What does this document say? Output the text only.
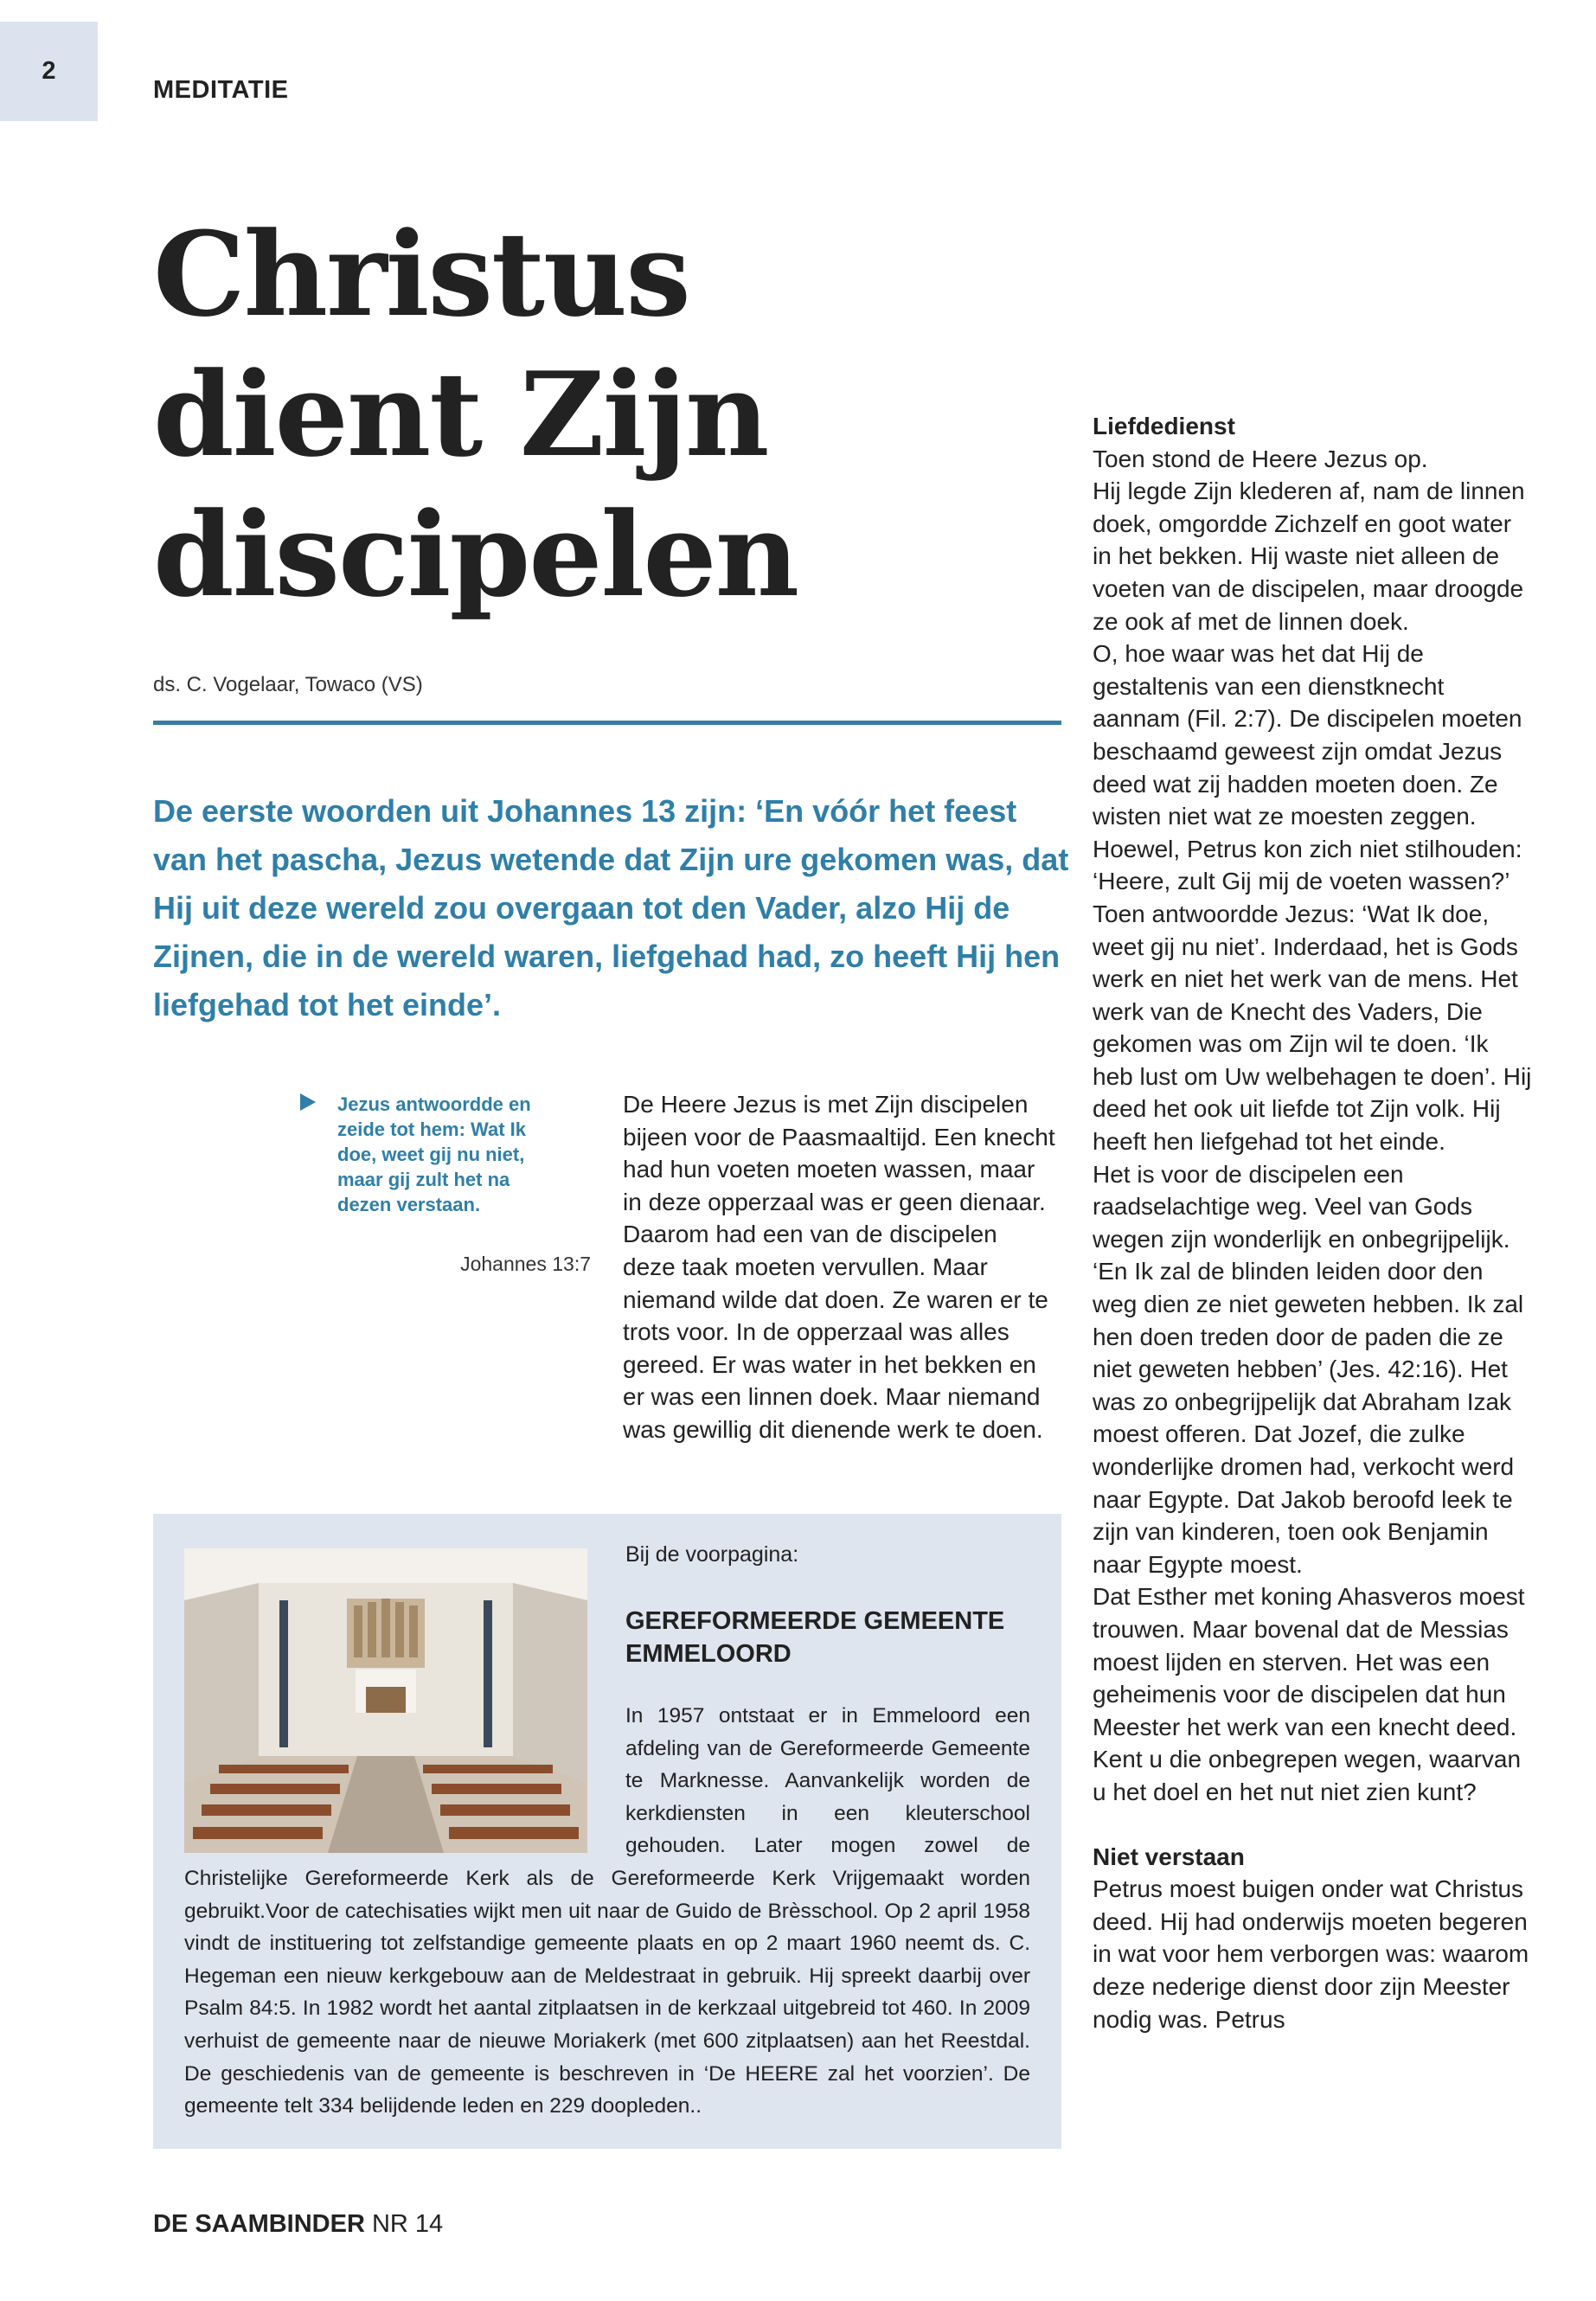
2
MEDITATIE
Christus
dient Zijn
discipelen
ds. C. Vogelaar, Towaco (VS)

De eerste woorden uit Johannes 13 zijn: ‘En vóór het feest van het pascha, Jezus wetende dat Zijn ure gekomen was, dat Hij uit deze wereld zou overgaan tot den Vader, alzo Hij de Zijnen, die in de wereld waren, liefgehad had, zo heeft Hij hen liefgehad tot het einde’.

Jezus antwoordde en zeide tot hem: Wat Ik doe, weet gij nu niet, maar gij zult het na dezen verstaan.
Johannes 13:7
De Heere Jezus is met Zijn discipelen bijeen voor de Paasmaaltijd. Een knecht had hun voeten moeten wassen, maar in deze opperzaal was er geen dienaar. Daarom had een van de discipelen deze taak moeten vervullen. Maar niemand wilde dat doen. Ze waren er te trots voor. In de opperzaal was alles gereed. Er was water in het bekken en er was een linnen doek. Maar niemand was gewillig dit dienende werk te doen.

Liefdedienst

Toen stond de Heere Jezus op.

Hij legde Zijn klederen af, nam de linnen doek, omgordde Zichzelf en goot water in het bekken. Hij waste niet alleen de voeten van de discipelen, maar droogde ze ook af met de linnen doek.

O, hoe waar was het dat Hij de gestaltenis van een dienstknecht aannam (Fil. 2:7). De discipelen moeten beschaamd geweest zijn omdat Jezus deed wat zij hadden moeten doen. Ze wisten niet wat ze moesten zeggen. Hoewel, Petrus kon zich niet stilhouden: ‘Heere, zult Gij mij de voeten wassen?’

Toen antwoordde Jezus: ‘Wat Ik doe, weet gij nu niet’. Inderdaad, het is Gods werk en niet het werk van de mens. Het werk van de Knecht des Vaders, Die gekomen was om Zijn wil te doen. ‘Ik heb lust om Uw welbehagen te doen’. Hij deed het ook uit liefde tot Zijn volk. Hij heeft hen liefgehad tot het einde.

Het is voor de discipelen een raadselachtige weg. Veel van Gods wegen zijn wonderlijk en onbegrijpelijk. ‘En Ik zal de blinden leiden door den weg dien ze niet geweten hebben. Ik zal hen doen treden door de paden die ze niet geweten hebben’ (Jes. 42:16). Het was zo onbegrijpelijk dat Abraham Izak moest offeren. Dat Jozef, die zulke wonderlijke dromen had, verkocht werd naar Egypte. Dat Jakob beroofd leek te zijn van kinderen, toen ook Benjamin naar Egypte moest.

Dat Esther met koning Ahasveros moest trouwen. Maar bovenal dat de Messias moest lijden en sterven. Het was een geheimenis voor de discipelen dat hun Meester het werk van een knecht deed. Kent u die onbegrepen wegen, waarvan u het doel en het nut niet zien kunt?

Niet verstaan

Petrus moest buigen onder wat Christus deed. Hij had onderwijs moeten begeren in wat voor hem verborgen was: waarom deze nederige dienst door zijn Meester nodig was. Petrus

Bij de voorpagina:
GEREFORMEERDE GEMEENTE EMMELOORD
In 1957 ontstaat er in Emmeloord een afdeling van de Gereformeerde Gemeente te Marknesse. Aanvankelijk worden de kerkdiensten in een kleuterschool gehouden. Later mogen zowel de Christelijke Gereformeerde Kerk als de Gereformeerde Kerk Vrijgemaakt worden gebruikt.Voor de catechisaties wijkt men uit naar de Guido de Brèsschool. Op 2 april 1958 vindt de instituering tot zelfstandige gemeente plaats en op 2 maart 1960 neemt ds. C. Hegeman een nieuw kerkgebouw aan de Meldestraat in gebruik. Hij spreekt daarbij over Psalm 84:5. In 1982 wordt het aantal zitplaatsen in de kerkzaal uitgebreid tot 460. In 2009 verhuist de gemeente naar de nieuwe Moriakerk (met 600 zitplaatsen) aan het Reestdal. De geschiedenis van de gemeente is beschreven in ‘De HEERE zal het voorzien’. De gemeente telt 334 belijdende leden en 229 doopleden..
DE SAAMBINDER NR 14
